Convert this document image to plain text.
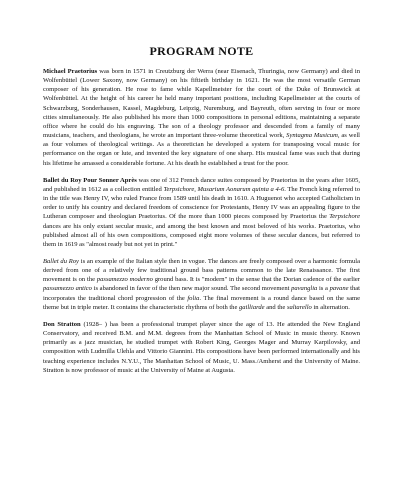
PROGRAM NOTE

Michael Praetorius was born in 1571 in Creutzburg der Werra (near Eisenach, Thuringia, now Germany) and died in Wolfenbüttel (Lower Saxony, now Germany) on his fiftieth birthday in 1621. He was the most versatile German composer of his generation. He rose to fame while Kapellmeister for the court of the Duke of Brunswick at Wolfenbüttel. At the height of his career he held many important positions, including Kapellmeister at the courts of Schwarzburg, Sonderhausen, Kassel, Magdeburg, Leipzig, Nuremburg, and Bayreuth, often serving in four or more cities simultaneously. He also published his more than 1000 compositions in personal editions, maintaining a separate office where he could do his engraving. The son of a theology professor and descended from a family of many musicians, teachers, and theologians, he wrote an important three-volume theoretical work, Syntagma Musicum, as well as four volumes of theological writings. As a theoretician he developed a system for transposing vocal music for performance on the organ or lute, and invented the key signature of one sharp. His musical fame was such that during his lifetime he amassed a considerable fortune. At his death he established a trust for the poor.

Ballet du Roy Pour Sonner Après was one of 312 French dance suites composed by Praetorius in the years after 1605, and published in 1612 as a collection entitled Terpsichore, Musarium Aonarum quinta a 4-6. The French king referred to in the title was Henry IV, who ruled France from 1589 until his death in 1610. A Huguenot who accepted Catholicism in order to unify his country and declared freedom of conscience for Protestants, Henry IV was an appealing figure to the Lutheran composer and theologian Praetorius. Of the more than 1000 pieces composed by Praetorius the Terpsichore dances are his only extant secular music, and among the best known and most beloved of his works. Praetorius, who published almost all of his own compositions, composed eight more volumes of these secular dances, but referred to them in 1619 as "almost ready but not yet in print."

Ballet du Roy is an example of the Italian style then in vogue. The dances are freely composed over a harmonic formula derived from one of a relatively few traditional ground bass patterns common to the late Renaissance. The first movement is on the passamezzo moderno ground bass. It is "modern" in the sense that the Dorian cadence of the earlier passamezzo antico is abandoned in favor of the then new major sound. The second movement pavanglia is a pavane that incorporates the traditional chord progression of the folia. The final movement is a round dance based on the same theme but in triple meter. It contains the characteristic rhythms of both the gailliarde and the saltarello in alternation.

Don Stratton (1928– ) has been a professional trumpet player since the age of 13. He attended the New England Conservatory, and received B.M. and M.M. degrees from the Manhattan School of Music in music theory. Known primarily as a jazz musician, he studied trumpet with Robert King, Georges Mager and Murray Karpilovsky, and composition with Ludmilla Ulehla and Vittorio Giannini. His compositions have been performed internationally and his teaching experience includes N.Y.U., The Manhattan School of Music, U. Mass./Amherst and the University of Maine. Stratton is now professor of music at the University of Maine at Augusta.
